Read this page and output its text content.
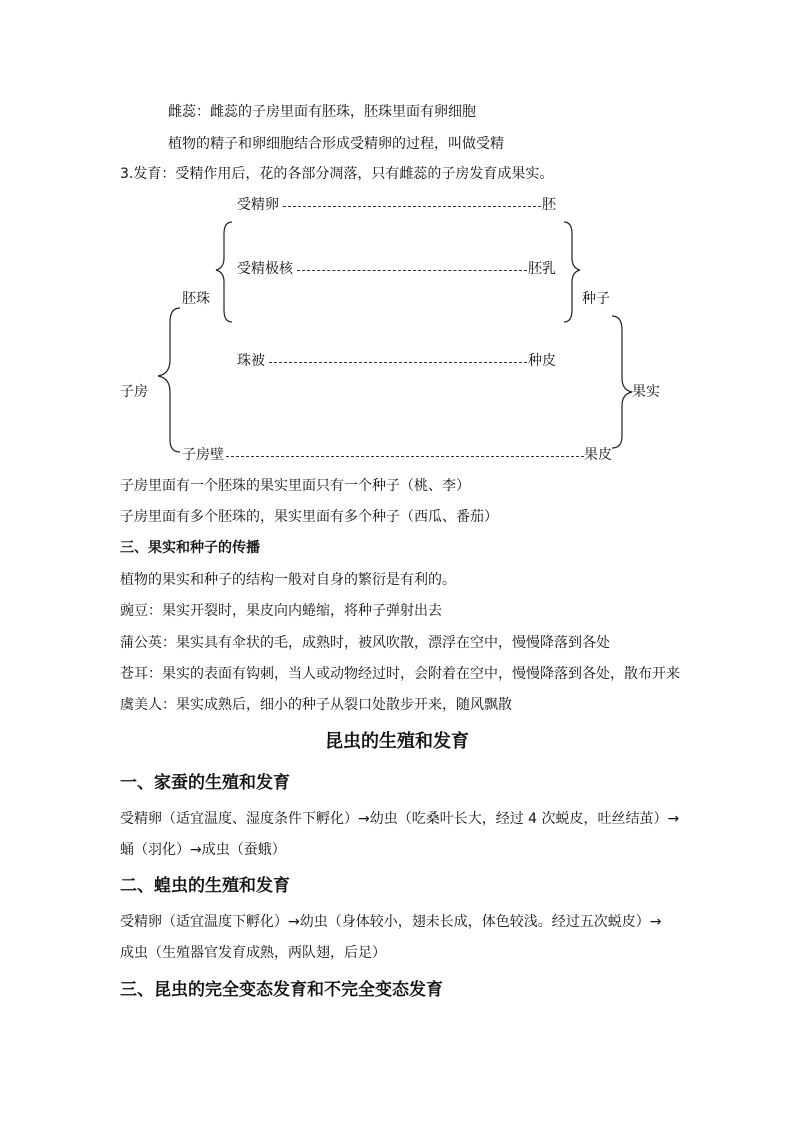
雌蕊：雌蕊的子房里面有胚珠，胚珠里面有卵细胞
植物的精子和卵细胞结合形成受精卵的过程，叫做受精
3.发育：受精作用后，花的各部分凋落，只有雌蕊的子房发育成果实。
受精卵	胚
受精极核	胚乳
胚珠	种子
珠被	种皮
子房	果实
子房壁	果皮
子房里面有一个胚珠的果实里面只有一个种子（桃、李）
子房里面有多个胚珠的，果实里面有多个种子（西瓜、番茄）
三、果实和种子的传播
植物的果实和种子的结构一般对自身的繁衍是有利的。
豌豆：果实开裂时，果皮向内蜷缩，将种子弹射出去
蒲公英：果实具有伞状的毛，成熟时，被风吹散，漂浮在空中，慢慢降落到各处
苍耳：果实的表面有钩刺，当人或动物经过时，会附着在空中，慢慢降落到各处，散布开来
虞美人：果实成熟后，细小的种子从裂口处散步开来，随风飘散
昆虫的生殖和发育
一、家蚕的生殖和发育
受精卵（适宜温度、湿度条件下孵化）→幼虫（吃桑叶长大，经过 4 次蜕皮，吐丝结茧）→
蛹（羽化）→成虫（蚕蛾）
二、蝗虫的生殖和发育
受精卵（适宜温度下孵化）→幼虫（身体较小，翅未长成，体色较浅。经过五次蜕皮）→
成虫（生殖器官发育成熟，两队翅，后足）
三、昆虫的完全变态发育和不完全变态发育
